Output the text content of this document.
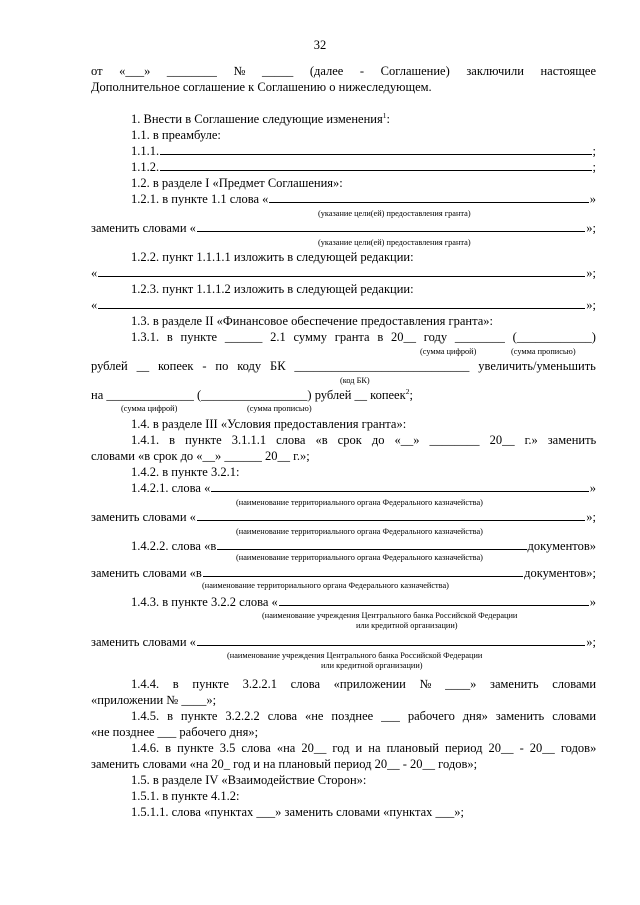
32
от «___» ________ № _____ (далее - Соглашение) заключили настоящее
Дополнительное соглашение к Соглашению о нижеследующем.
1. Внести в Соглашение следующие изменения$^1$:
1.1. в преамбуле:
1.1.1.	;
1.1.2.	;
1.2. в разделе I «Предмет Соглашения»:
1.2.1. в пункте 1.1 слова «	»
(указание цели(ей) предоставления гранта)
заменить словами «	»;
(указание цели(ей) предоставления гранта)
1.2.2. пункт 1.1.1.1 изложить в следующей редакции:
«	»;
1.2.3. пункт 1.1.1.2 изложить в следующей редакции:
«	»;
1.3. в разделе II «Финансовое обеспечение предоставления гранта»:
1.3.1. в пункте ______ 2.1 сумму гранта в 20__ году ________ (____________)
(сумма цифрой)	(сумма прописью)
рублей __ копеек - по коду БК ____________________________ увеличить/уменьшить
(код БК)
на ______________ (_________________) рублей __ копеек$^2$;
(сумма цифрой)	(сумма прописью)
1.4. в разделе III «Условия предоставления гранта»:
1.4.1. в пункте 3.1.1.1 слова «в срок до «__» ________ 20__ г.» заменить
словами «в срок до «__» ______ 20__ г.»;
1.4.2. в пункте 3.2.1:
1.4.2.1. слова «	»
(наименование территориального органа Федерального казначейства)
заменить словами «	»;
(наименование территориального органа Федерального казначейства)
1.4.2.2. слова «в	документов»
(наименование территориального органа Федерального казначейства)
заменить словами «в	документов»;
(наименование территориального органа Федерального казначейства)
1.4.3. в пункте 3.2.2 слова «	»
(наименование учреждения Центрального банка Российской Федерации
или кредитной организации)
заменить словами «	»;
(наименование учреждения Центрального банка Российской Федерации
или кредитной организации)
1.4.4. в пункте 3.2.2.1 слова «приложении № ____» заменить словами
«приложении № ____»;
1.4.5. в пункте 3.2.2.2 слова «не позднее ___ рабочего дня» заменить словами
«не позднее ___ рабочего дня»;
1.4.6. в пункте 3.5 слова «на 20__ год и на плановый период 20__ - 20__ годов»
заменить словами «на 20_ год и на плановый период 20__ - 20__ годов»;
1.5. в разделе IV «Взаимодействие Сторон»:
1.5.1. в пункте 4.1.2:
1.5.1.1. слова «пунктах ___» заменить словами «пунктах ___»;
